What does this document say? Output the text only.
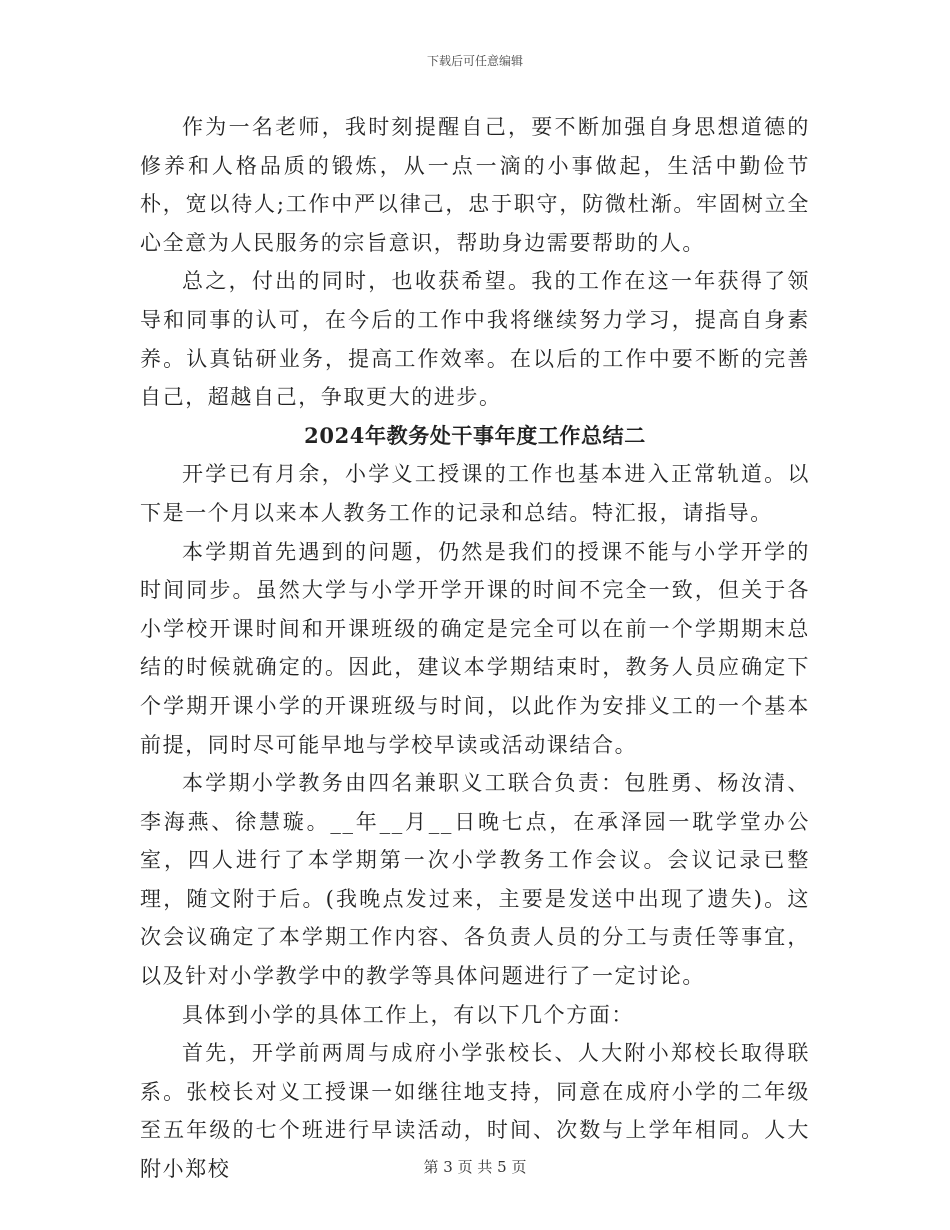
下载后可任意编辑

作为一名老师，我时刻提醒自己，要不断加强自身思想道德的修养和人格品质的锻炼，从一点一滴的小事做起，生活中勤俭节朴，宽以待人;工作中严以律己，忠于职守，防微杜渐。牢固树立全心全意为人民服务的宗旨意识，帮助身边需要帮助的人。

总之，付出的同时，也收获希望。我的工作在这一年获得了领导和同事的认可，在今后的工作中我将继续努力学习，提高自身素养。认真钻研业务，提高工作效率。在以后的工作中要不断的完善自己，超越自己，争取更大的进步。

2024年教务处干事年度工作总结二

开学已有月余，小学义工授课的工作也基本进入正常轨道。以下是一个月以来本人教务工作的记录和总结。特汇报，请指导。

本学期首先遇到的问题，仍然是我们的授课不能与小学开学的时间同步。虽然大学与小学开学开课的时间不完全一致，但关于各小学校开课时间和开课班级的确定是完全可以在前一个学期期末总结的时候就确定的。因此，建议本学期结束时，教务人员应确定下个学期开课小学的开课班级与时间，以此作为安排义工的一个基本前提，同时尽可能早地与学校早读或活动课结合。

本学期小学教务由四名兼职义工联合负责：包胜勇、杨汝清、李海燕、徐慧璇。__年__月__日晚七点，在承泽园一耽学堂办公室，四人进行了本学期第一次小学教务工作会议。会议记录已整理，随文附于后。(我晚点发过来，主要是发送中出现了遗失)。这次会议确定了本学期工作内容、各负责人员的分工与责任等事宜，以及针对小学教学中的教学等具体问题进行了一定讨论。

具体到小学的具体工作上，有以下几个方面：

首先，开学前两周与成府小学张校长、人大附小郑校长取得联系。张校长对义工授课一如继往地支持，同意在成府小学的二年级至五年级的七个班进行早读活动，时间、次数与上学年相同。人大附小郑校	第 3 页 共 5 页
